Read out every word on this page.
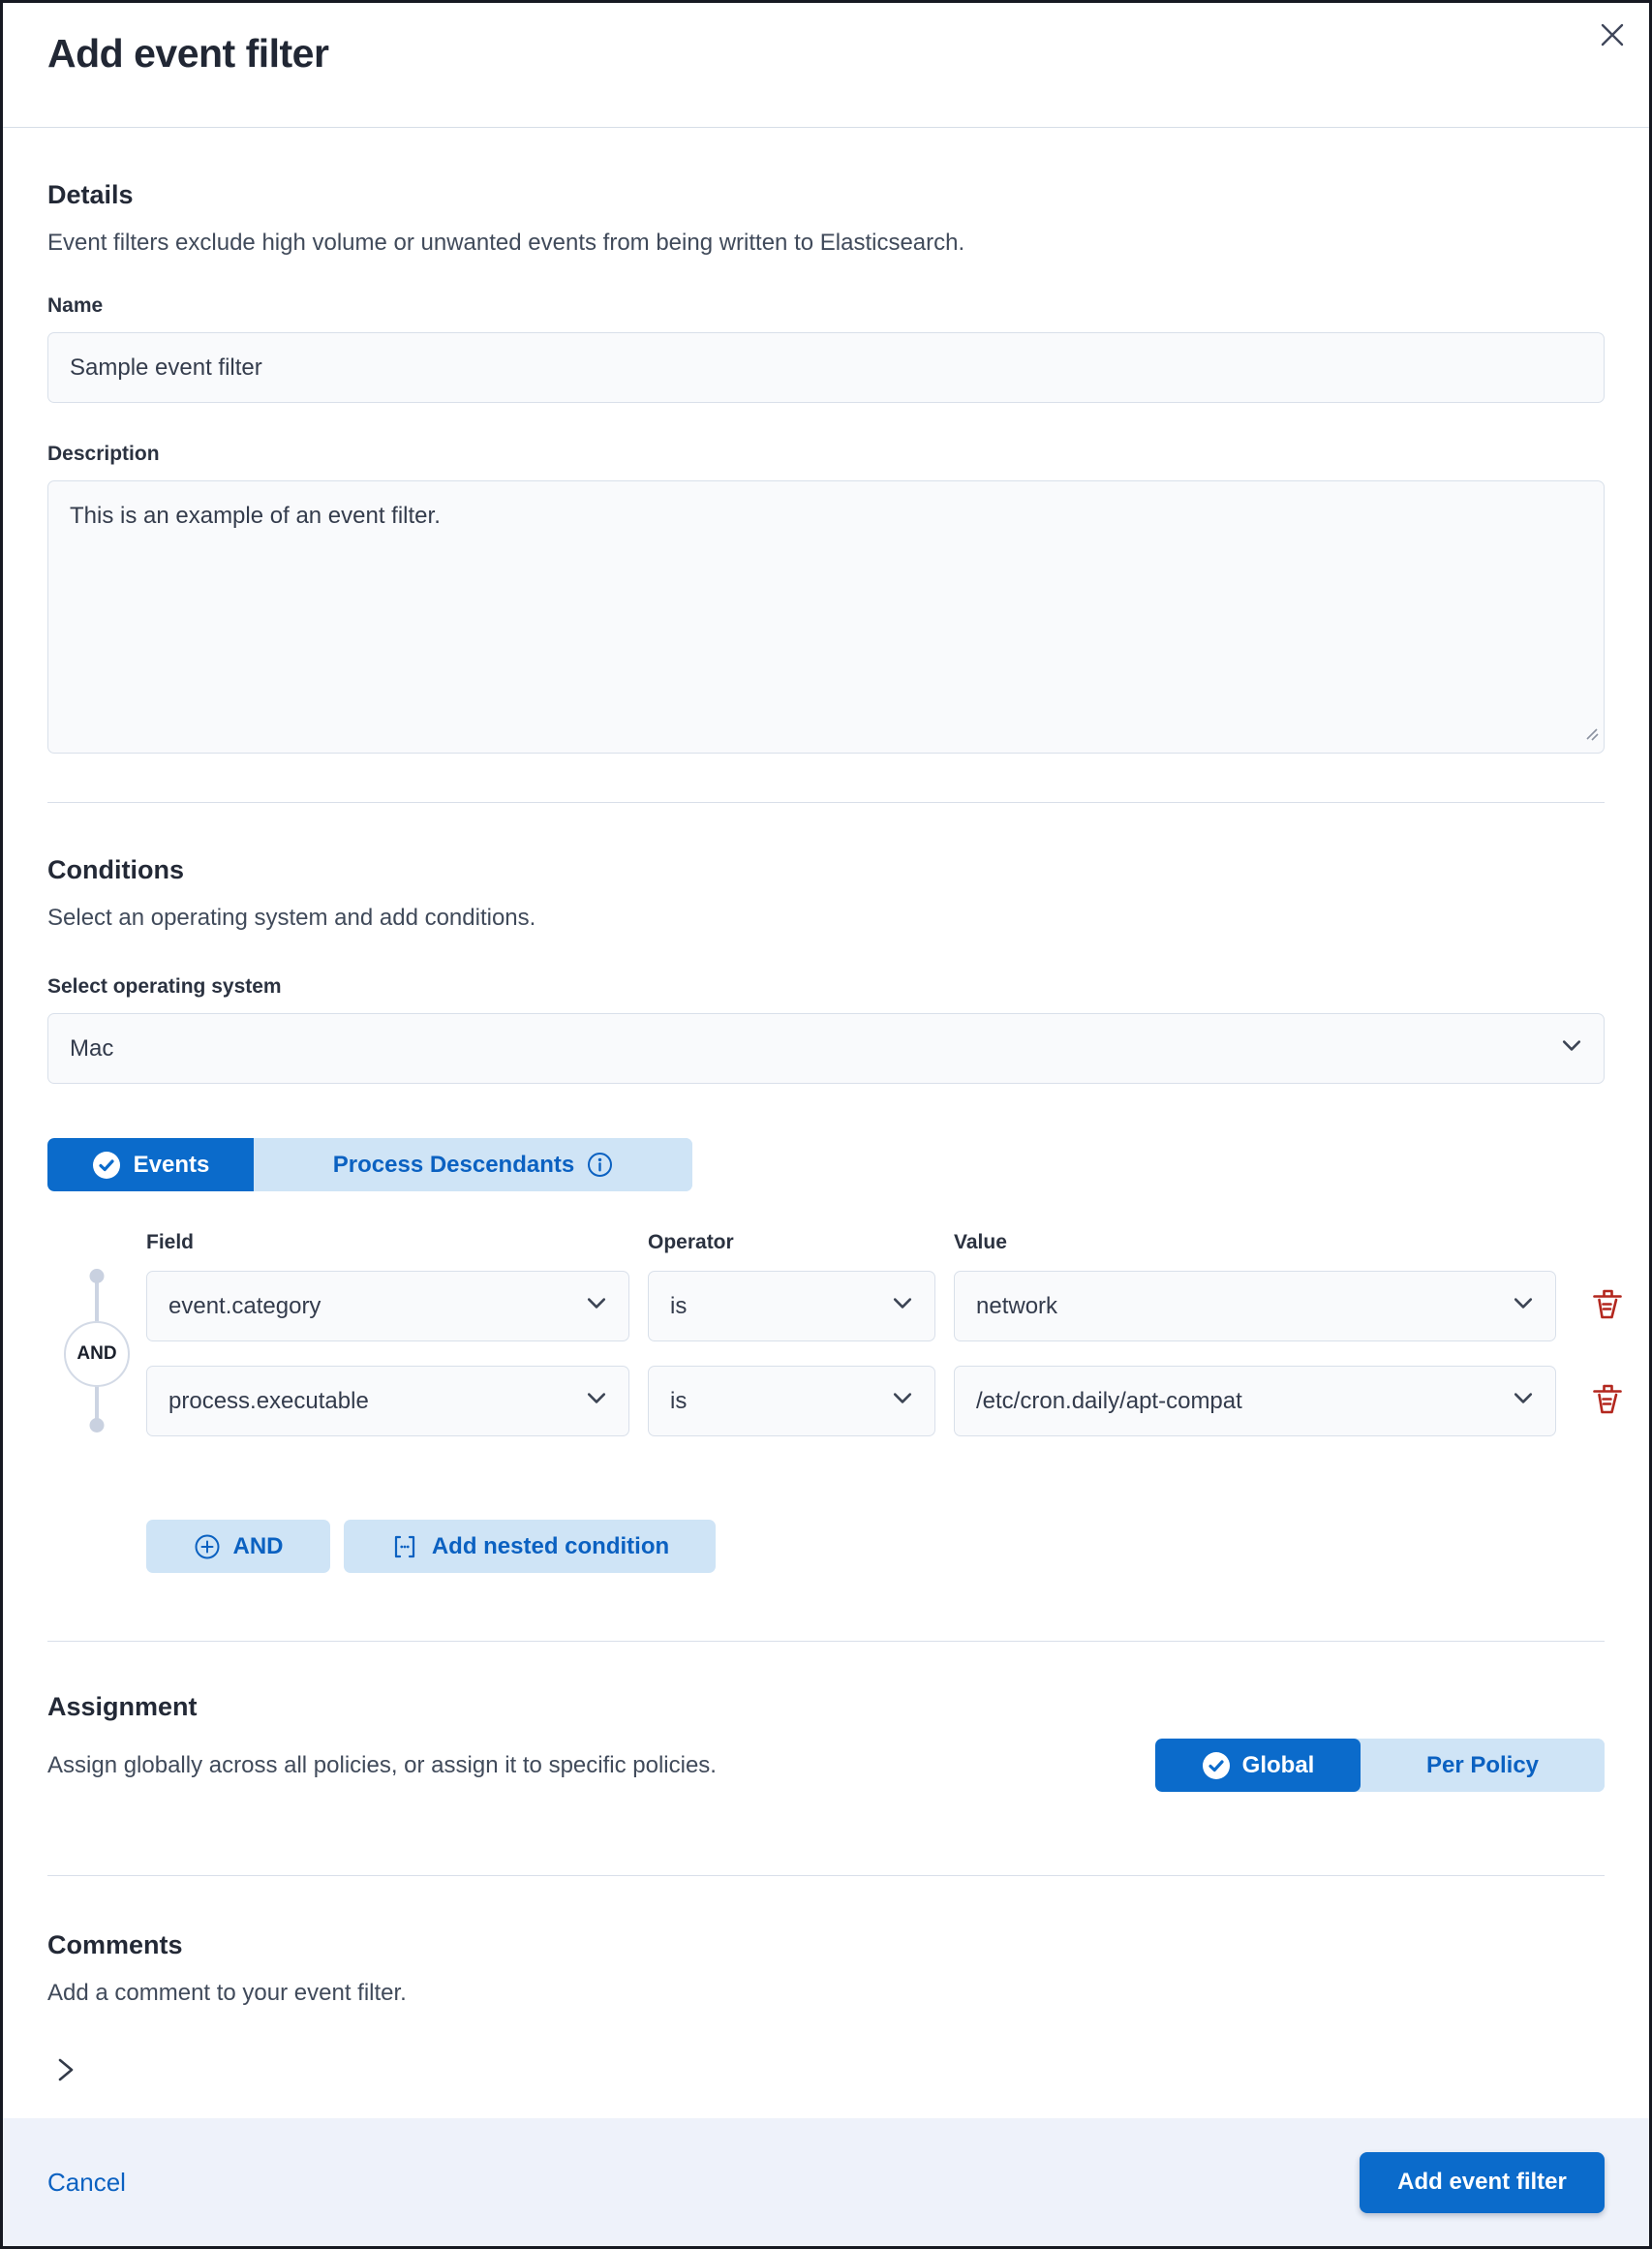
Add event filter
Details

Event filters exclude high volume or unwanted events from being written to Elasticsearch.

Name
Sample event filter
Description
This is an example of an event filter.
Conditions

Select an operating system and add conditions.

Select operating system
Mac
Events	Process Descendants
Field	Operator	Value
AND
event.category	is	network
process.executable	is	/etc/cron.daily/apt-compat
AND	Add nested condition
Assignment

Assign globally across all policies, or assign it to specific policies.	Global	Per Policy
Comments

Add a comment to your event filter.

Cancel	Add event filter
